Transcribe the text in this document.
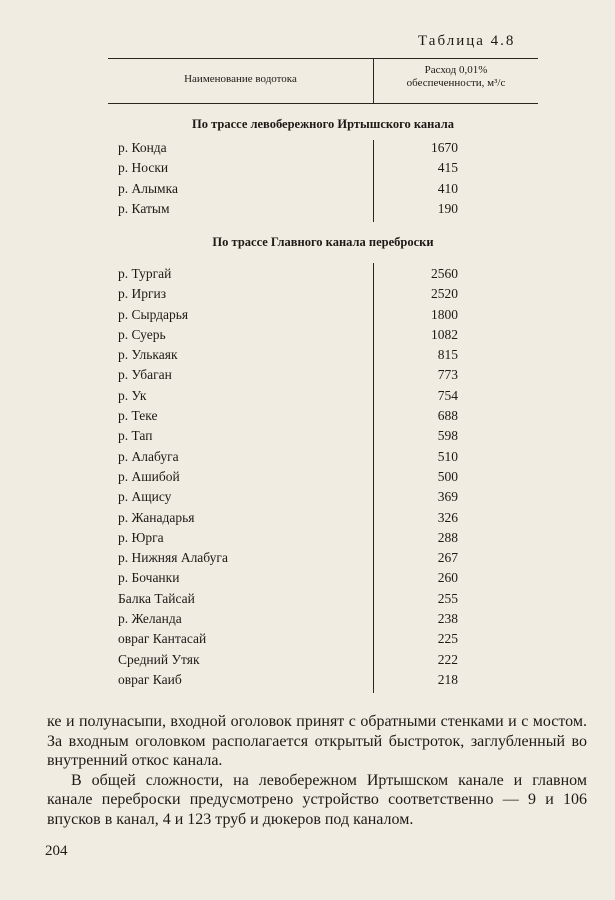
Таблица 4.8
Наименование водотока
Расход 0,01%
обеспеченности, м³/с
По трассе левобережного Иртышского канала
р. Конда	1670
р. Носки	415
р. Алымка	410
р. Катым	190
По трассе Главного канала переброски
р. Тургай	2560
р. Иргиз	2520
р. Сырдарья	1800
р. Суерь	1082
р. Улькаяк	815
р. Убаган	773
р. Ук	754
р. Теке	688
р. Тап	598
р. Алабуга	510
р. Ашибой	500
р. Ащису	369
р. Жанадарья	326
р. Юрга	288
р. Нижняя Алабуга	267
р. Бочанки	260
Балка Тайсай	255
р. Желанда	238
овраг Кантасай	225
Средний Утяк	222
овраг Каиб	218

ке и полунасыпи, входной оголовок принят с обратными стенками и с мостом. За входным оголовком располагается открытый быстроток, заглубленный во внутренний откос канала.

В общей сложности, на левобережном Иртышском канале и главном канале переброски предусмотрено устройство соответственно — 9 и 106 впусков в канал, 4 и 123 труб и дюкеров под каналом.

204
